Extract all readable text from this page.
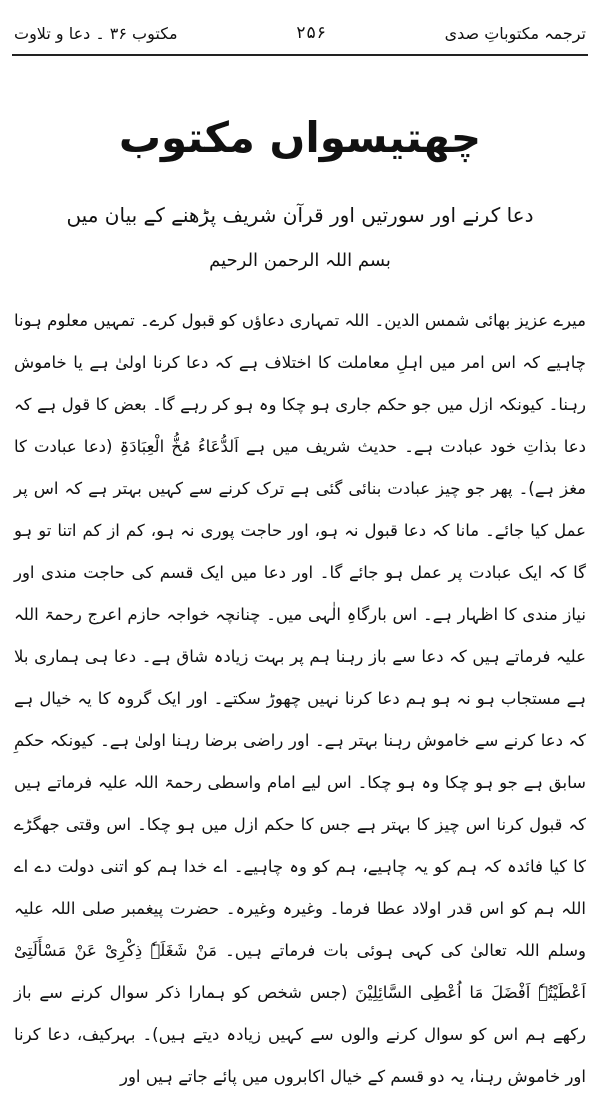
ترجمہ مکتوباتِ صدی
۲۵۶
مکتوب ۳۶ ۔ دعا و تلاوت
چھتیسواں مکتوب
دعا کرنے اور سورتیں اور قرآن شریف پڑھنے کے بیان میں
بسم اللہ الرحمن الرحیم

میرے عزیز بھائی شمس الدین۔ اللہ تمہاری دعاؤں کو قبول کرے۔ تمہیں معلوم ہونا چاہیے کہ اس امر میں اہلِ معاملت کا اختلاف ہے کہ دعا کرنا اولیٰ ہے یا خاموش رہنا۔ کیونکہ ازل میں جو حکم جاری ہو چکا وہ ہو کر رہے گا۔ بعض کا قول ہے کہ دعا بذاتِ خود عبادت ہے۔ حدیث شریف میں ہے اَلدُّعَاءُ مُخُّ الْعِبَادَۃِ (دعا عبادت کا مغز ہے)۔ پھر جو چیز عبادت بنائی گئی ہے ترک کرنے سے کہیں بہتر ہے کہ اس پر عمل کیا جائے۔ مانا کہ دعا قبول نہ ہو، اور حاجت پوری نہ ہو، کم از کم اتنا تو ہو گا کہ ایک عبادت پر عمل ہو جائے گا۔ اور دعا میں ایک قسم کی حاجت مندی اور نیاز مندی کا اظہار ہے۔ اس بارگاہِ الٰہی میں۔ چنانچہ خواجہ حازم اعرج رحمۃ اللہ علیہ فرماتے ہیں کہ دعا سے باز رہنا ہم پر بہت زیادہ شاق ہے۔ دعا ہی ہماری بلا ہے مستجاب ہو نہ ہو ہم دعا کرنا نہیں چھوڑ سکتے۔ اور ایک گروہ کا یہ خیال ہے کہ دعا کرنے سے خاموش رہنا بہتر ہے۔ اور راضی برضا رہنا اولیٰ ہے۔ کیونکہ حکمِ سابق ہے جو ہو چکا وہ ہو چکا۔ اس لیے امام واسطی رحمۃ اللہ علیہ فرماتے ہیں کہ قبول کرنا اس چیز کا بہتر ہے جس کا حکم ازل میں ہو چکا۔ اس وقتی جھگڑے کا کیا فائدہ کہ ہم کو یہ چاہیے، ہم کو وہ چاہیے۔ اے خدا ہم کو اتنی دولت دے اے اللہ ہم کو اس قدر اولاد عطا فرما۔ وغیرہ وغیرہ۔ حضرت پیغمبر صلی اللہ علیہ وسلم اللہ تعالیٰ کی کہی ہوئی بات فرماتے ہیں۔ مَنْ شَغَلَہٗ ذِکْرِیْ عَنْ مَسْأَلَتِیْ اَعْطَیْتُہٗ اَفْضَلَ مَا اُعْطِی السَّائِلِیْنَ (جس شخص کو ہمارا ذکر سوال کرنے سے باز رکھے ہم اس کو سوال کرنے والوں سے کہیں زیادہ دیتے ہیں)۔ بہرکیف، دعا کرنا اور خاموش رہنا، یہ دو قسم کے خیال اکابروں میں پائے جاتے ہیں اور
